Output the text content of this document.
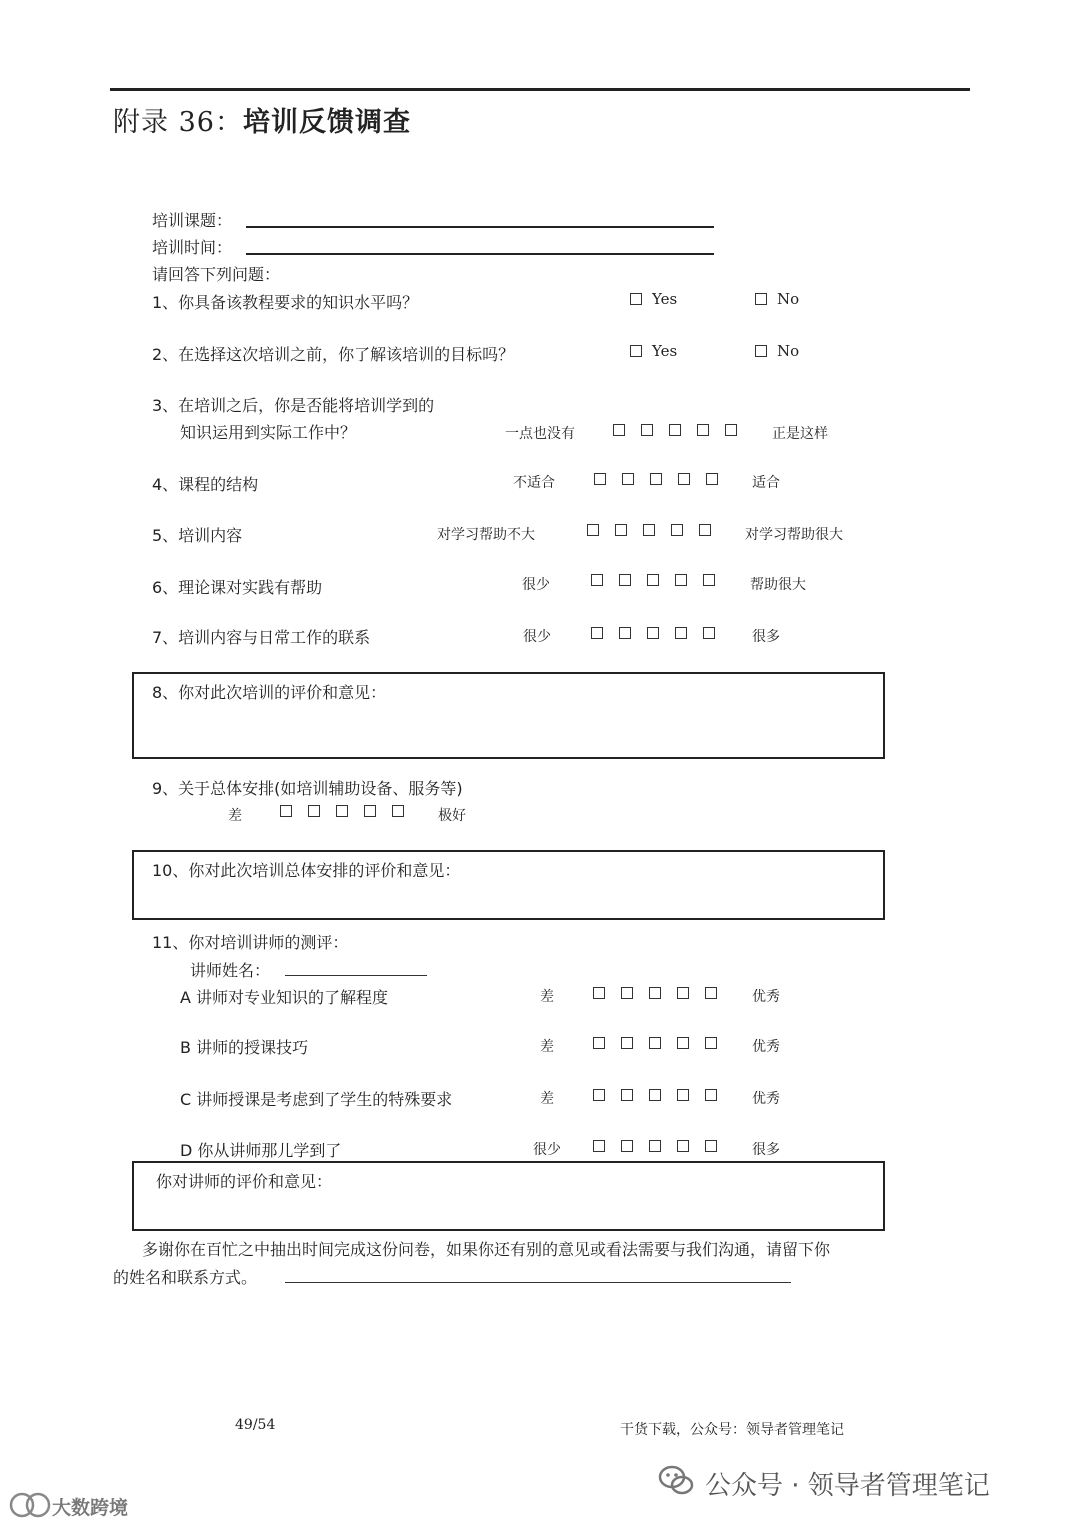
附录 36：培训反馈调查
培训课题：
培训时间：
请回答下列问题：
1、你具备该教程要求的知识水平吗？	Yes	No
2、在选择这次培训之前，你了解该培训的目标吗？	Yes	No
3、在培训之后，你是否能将培训学到的
知识运用到实际工作中？	一点也没有	正是这样
4、课程的结构	不适合	适合
5、培训内容	对学习帮助不大	对学习帮助很大
6、理论课对实践有帮助	很少	帮助很大
7、培训内容与日常工作的联系	很少	很多
8、你对此次培训的评价和意见：
9、关于总体安排(如培训辅助设备、服务等)
差	极好
10、你对此次培训总体安排的评价和意见：
11、你对培训讲师的测评：
讲师姓名：
A 讲师对专业知识的了解程度	差	优秀
B 讲师的授课技巧	差	优秀
C 讲师授课是考虑到了学生的特殊要求	差	优秀
D 你从讲师那儿学到了	很少	很多
你对讲师的评价和意见：
多谢你在百忙之中抽出时间完成这份问卷，如果你还有别的意见或看法需要与我们沟通，请留下你
的姓名和联系方式。
49/54	干货下载，公众号：领导者管理笔记
公众号 · 领导者管理笔记
大数跨境
